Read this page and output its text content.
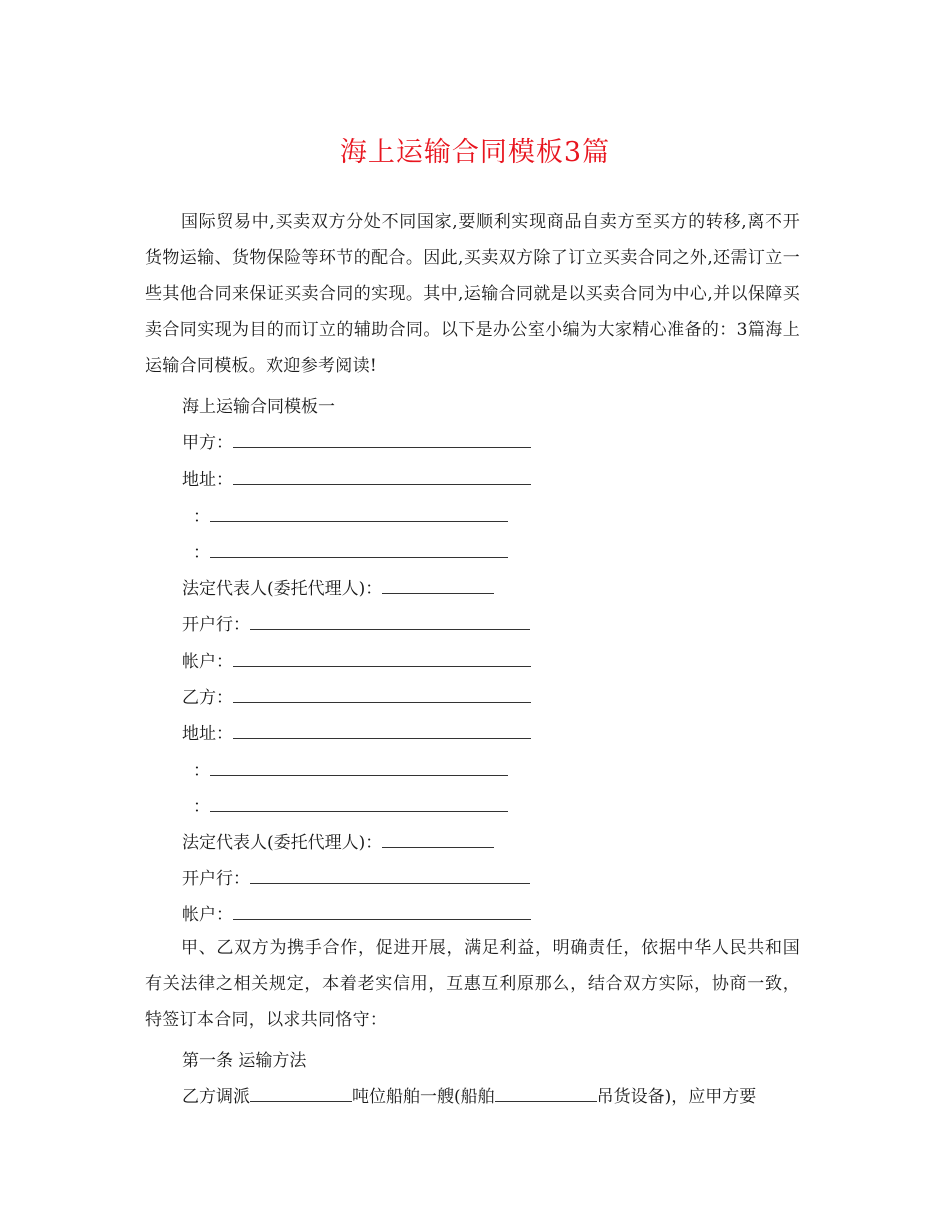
海上运输合同模板3篇
国际贸易中,买卖双方分处不同国家,要顺利实现商品自卖方至买方的转移,离不开货物运输、货物保险等环节的配合。因此,买卖双方除了订立买卖合同之外,还需订立一些其他合同来保证买卖合同的实现。其中,运输合同就是以买卖合同为中心,并以保障买卖合同实现为目的而订立的辅助合同。以下是办公室小编为大家精心准备的：3篇海上运输合同模板。欢迎参考阅读!
海上运输合同模板一
甲方：
地址：
：
：
法定代表人(委托代理人)：
开户行：
帐户：
乙方：
地址：
：
：
法定代表人(委托代理人)：
开户行：
帐户：
甲、乙双方为携手合作，促进开展，满足利益，明确责任，依据中华人民共和国有关法律之相关规定，本着老实信用，互惠互利原那么，结合双方实际，协商一致，特签订本合同，以求共同恪守：
第一条 运输方法
乙方调派	吨位船舶一艘(船舶	吊货设备)，应甲方要
